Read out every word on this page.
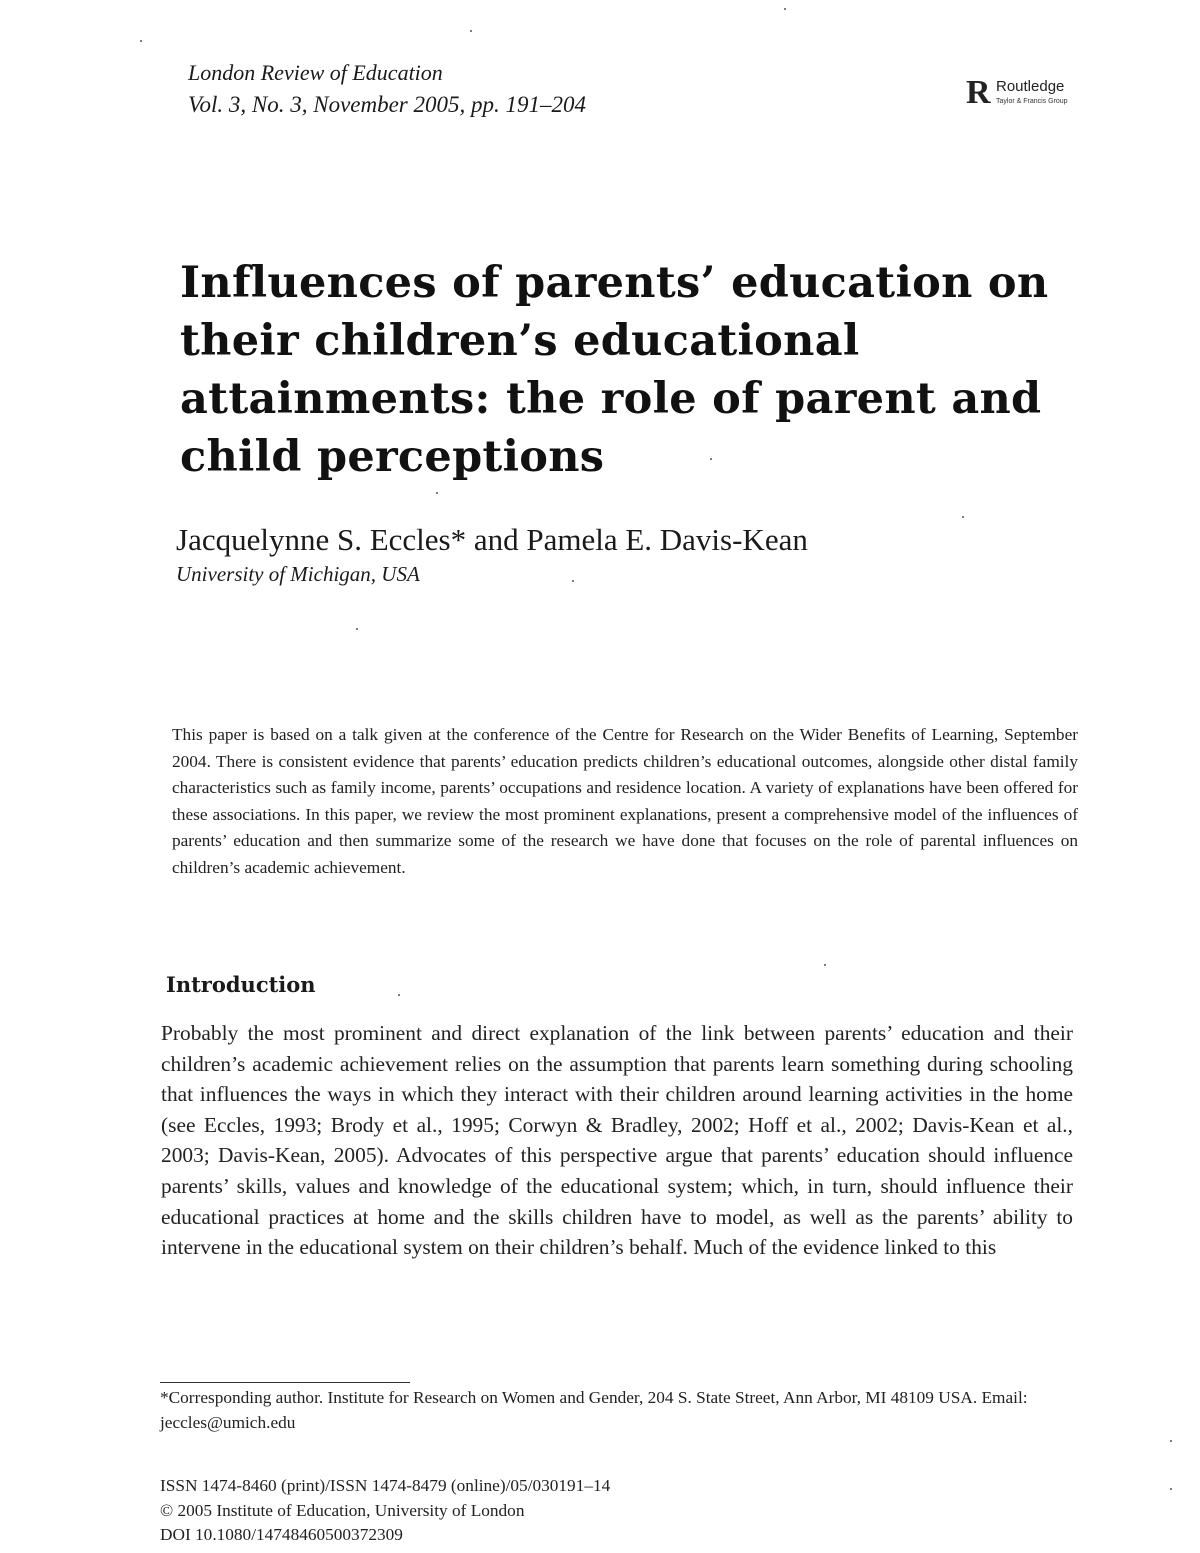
London Review of Education
Vol. 3, No. 3, November 2005, pp. 191–204	R Routledge
Taylor & Francis Group
Influences of parents’ education on
their children’s educational
attainments: the role of parent and
child perceptions
Jacquelynne S. Eccles* and Pamela E. Davis-Kean
University of Michigan, USA

This paper is based on a talk given at the conference of the Centre for Research on the Wider Benefits of Learning, September 2004. There is consistent evidence that parents’ education predicts children’s educational outcomes, alongside other distal family characteristics such as family income, parents’ occupations and residence location. A variety of explanations have been offered for these associations. In this paper, we review the most prominent explanations, present a comprehensive model of the influences of parents’ education and then summarize some of the research we have done that focuses on the role of parental influences on children’s academic achievement.

Introduction

Probably the most prominent and direct explanation of the link between parents’ education and their children’s academic achievement relies on the assumption that parents learn something during schooling that influences the ways in which they interact with their children around learning activities in the home (see Eccles, 1993; Brody et al., 1995; Corwyn & Bradley, 2002; Hoff et al., 2002; Davis-Kean et al., 2003; Davis-Kean, 2005). Advocates of this perspective argue that parents’ education should influence parents’ skills, values and knowledge of the educational system; which, in turn, should influence their educational practices at home and the skills children have to model, as well as the parents’ ability to intervene in the educational system on their children’s behalf. Much of the evidence linked to this

*Corresponding author. Institute for Research on Women and Gender, 204 S. State Street, Ann Arbor, MI 48109 USA. Email: jeccles@umich.edu

ISSN 1474-8460 (print)/ISSN 1474-8479 (online)/05/030191–14
© 2005 Institute of Education, University of London
DOI 10.1080/14748460500372309
